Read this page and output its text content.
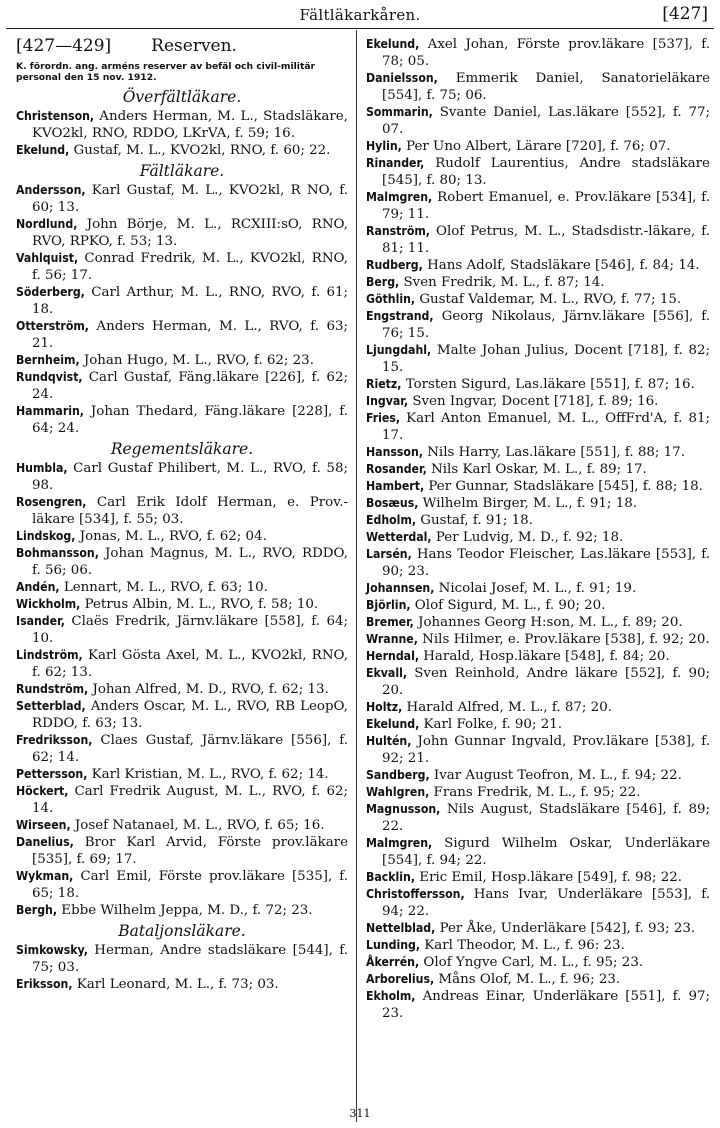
Fältläkarkåren.	[427]
[427—429] Reserven.
K. förordn. ang. arméns reserver av befäl och civil-militär personal den 15 nov. 1912.
Överfältläkare.
Christenson, Anders Herman, M. L., Stadsläkare, KVO2kl, RNO, RDDO, LKrVA, f. 59; 16.
Ekelund, Gustaf, M. L., KVO2kl, RNO, f. 60; 22.
Fältläkare.
Andersson, Karl Gustaf, M. L., KVO2kl, R NO, f. 60; 13.
Nordlund, John Börje, M. L., RCXIII:sO, RNO, RVO, RPKO, f. 53; 13.
Vahlquist, Conrad Fredrik, M. L., KVO2kl, RNO, f. 56; 17.
Söderberg, Carl Arthur, M. L., RNO, RVO, f. 61; 18.
Otterström, Anders Herman, M. L., RVO, f. 63; 21.
Bernheim, Johan Hugo, M. L., RVO, f. 62; 23.
Rundqvist, Carl Gustaf, Fäng.läkare [226], f. 62; 24.
Hammarin, Johan Thedard, Fäng.läkare [228], f. 64; 24.
Regementsläkare.
Humbla, Carl Gustaf Philibert, M. L., RVO, f. 58; 98.
Rosengren, Carl Erik Idolf Herman, e. Prov.-läkare [534], f. 55; 03.
Lindskog, Jonas, M. L., RVO, f. 62; 04.
Bohmansson, Johan Magnus, M. L., RVO, RDDO, f. 56; 06.
Andén, Lennart, M. L., RVO, f. 63; 10.
Wickholm, Petrus Albin, M. L., RVO, f. 58; 10.
Isander, Claës Fredrik, Järnv.läkare [558], f. 64; 10.
Lindström, Karl Gösta Axel, M. L., KVO2kl, RNO, f. 62; 13.
Rundström, Johan Alfred, M. D., RVO, f. 62; 13.
Setterblad, Anders Oscar, M. L., RVO, RB LeopO, RDDO, f. 63; 13.
Fredriksson, Claes Gustaf, Järnv.läkare [556], f. 62; 14.
Pettersson, Karl Kristian, M. L., RVO, f. 62; 14.
Höckert, Carl Fredrik August, M. L., RVO, f. 62; 14.
Wirseen, Josef Natanael, M. L., RVO, f. 65; 16.
Danelius, Bror Karl Arvid, Förste prov.läkare [535], f. 69; 17.
Wykman, Carl Emil, Förste prov.läkare [535], f. 65; 18.
Bergh, Ebbe Wilhelm Jeppa, M. D., f. 72; 23.
Bataljonsläkare.
Simkowsky, Herman, Andre stadsläkare [544], f. 75; 03.
Eriksson, Karl Leonard, M. L., f. 73; 03.
Ekelund, Axel Johan, Förste prov.läkare [537], f. 78; 05.
Danielsson, Emmerik Daniel, Sanatorieläkare [554], f. 75; 06.
Sommarin, Svante Daniel, Las.läkare [552], f. 77; 07.
Hylin, Per Uno Albert, Lärare [720], f. 76; 07.
Rinander, Rudolf Laurentius, Andre stadsläkare [545], f. 80; 13.
Malmgren, Robert Emanuel, e. Prov.läkare [534], f. 79; 11.
Ranström, Olof Petrus, M. L., Stadsdistr.-läkare, f. 81; 11.
Rudberg, Hans Adolf, Stadsläkare [546], f. 84; 14.
Berg, Sven Fredrik, M. L., f. 87; 14.
Göthlin, Gustaf Valdemar, M. L., RVO, f. 77; 15.
Engstrand, Georg Nikolaus, Järnv.läkare [556], f. 76; 15.
Ljungdahl, Malte Johan Julius, Docent [718], f. 82; 15.
Rietz, Torsten Sigurd, Las.läkare [551], f. 87; 16.
Ingvar, Sven Ingvar, Docent [718], f. 89; 16.
Fries, Karl Anton Emanuel, M. L., OffFrd'A, f. 81; 17.
Hansson, Nils Harry, Las.läkare [551], f. 88; 17.
Rosander, Nils Karl Oskar, M. L., f. 89; 17.
Hambert, Per Gunnar, Stadsläkare [545], f. 88; 18.
Bosæus, Wilhelm Birger, M. L., f. 91; 18.
Edholm, Gustaf, f. 91; 18.
Wetterdal, Per Ludvig, M. D., f. 92; 18.
Larsén, Hans Teodor Fleischer, Las.läkare [553], f. 90; 23.
Johannsen, Nicolai Josef, M. L., f. 91; 19.
Björlin, Olof Sigurd, M. L., f. 90; 20.
Bremer, Johannes Georg H:son, M. L., f. 89; 20.
Wranne, Nils Hilmer, e. Prov.läkare [538], f. 92; 20.
Herndal, Harald, Hosp.läkare [548], f. 84; 20.
Ekvall, Sven Reinhold, Andre läkare [552], f. 90; 20.
Holtz, Harald Alfred, M. L., f. 87; 20.
Ekelund, Karl Folke, f. 90; 21.
Hultén, John Gunnar Ingvald, Prov.läkare [538], f. 92; 21.
Sandberg, Ivar August Teofron, M. L., f. 94; 22.
Wahlgren, Frans Fredrik, M. L., f. 95; 22.
Magnusson, Nils August, Stadsläkare [546], f. 89; 22.
Malmgren, Sigurd Wilhelm Oskar, Underläkare [554], f. 94; 22.
Backlin, Eric Emil, Hosp.läkare [549], f. 98; 22.
Christoffersson, Hans Ivar, Underläkare [553], f. 94; 22.
Nettelblad, Per Åke, Underläkare [542], f. 93; 23.
Lunding, Karl Theodor, M. L., f. 96: 23.
Åkerrén, Olof Yngve Carl, M. L., f. 95; 23.
Arborelius, Måns Olof, M. L., f. 96; 23.
Ekholm, Andreas Einar, Underläkare [551], f. 97; 23.
311
